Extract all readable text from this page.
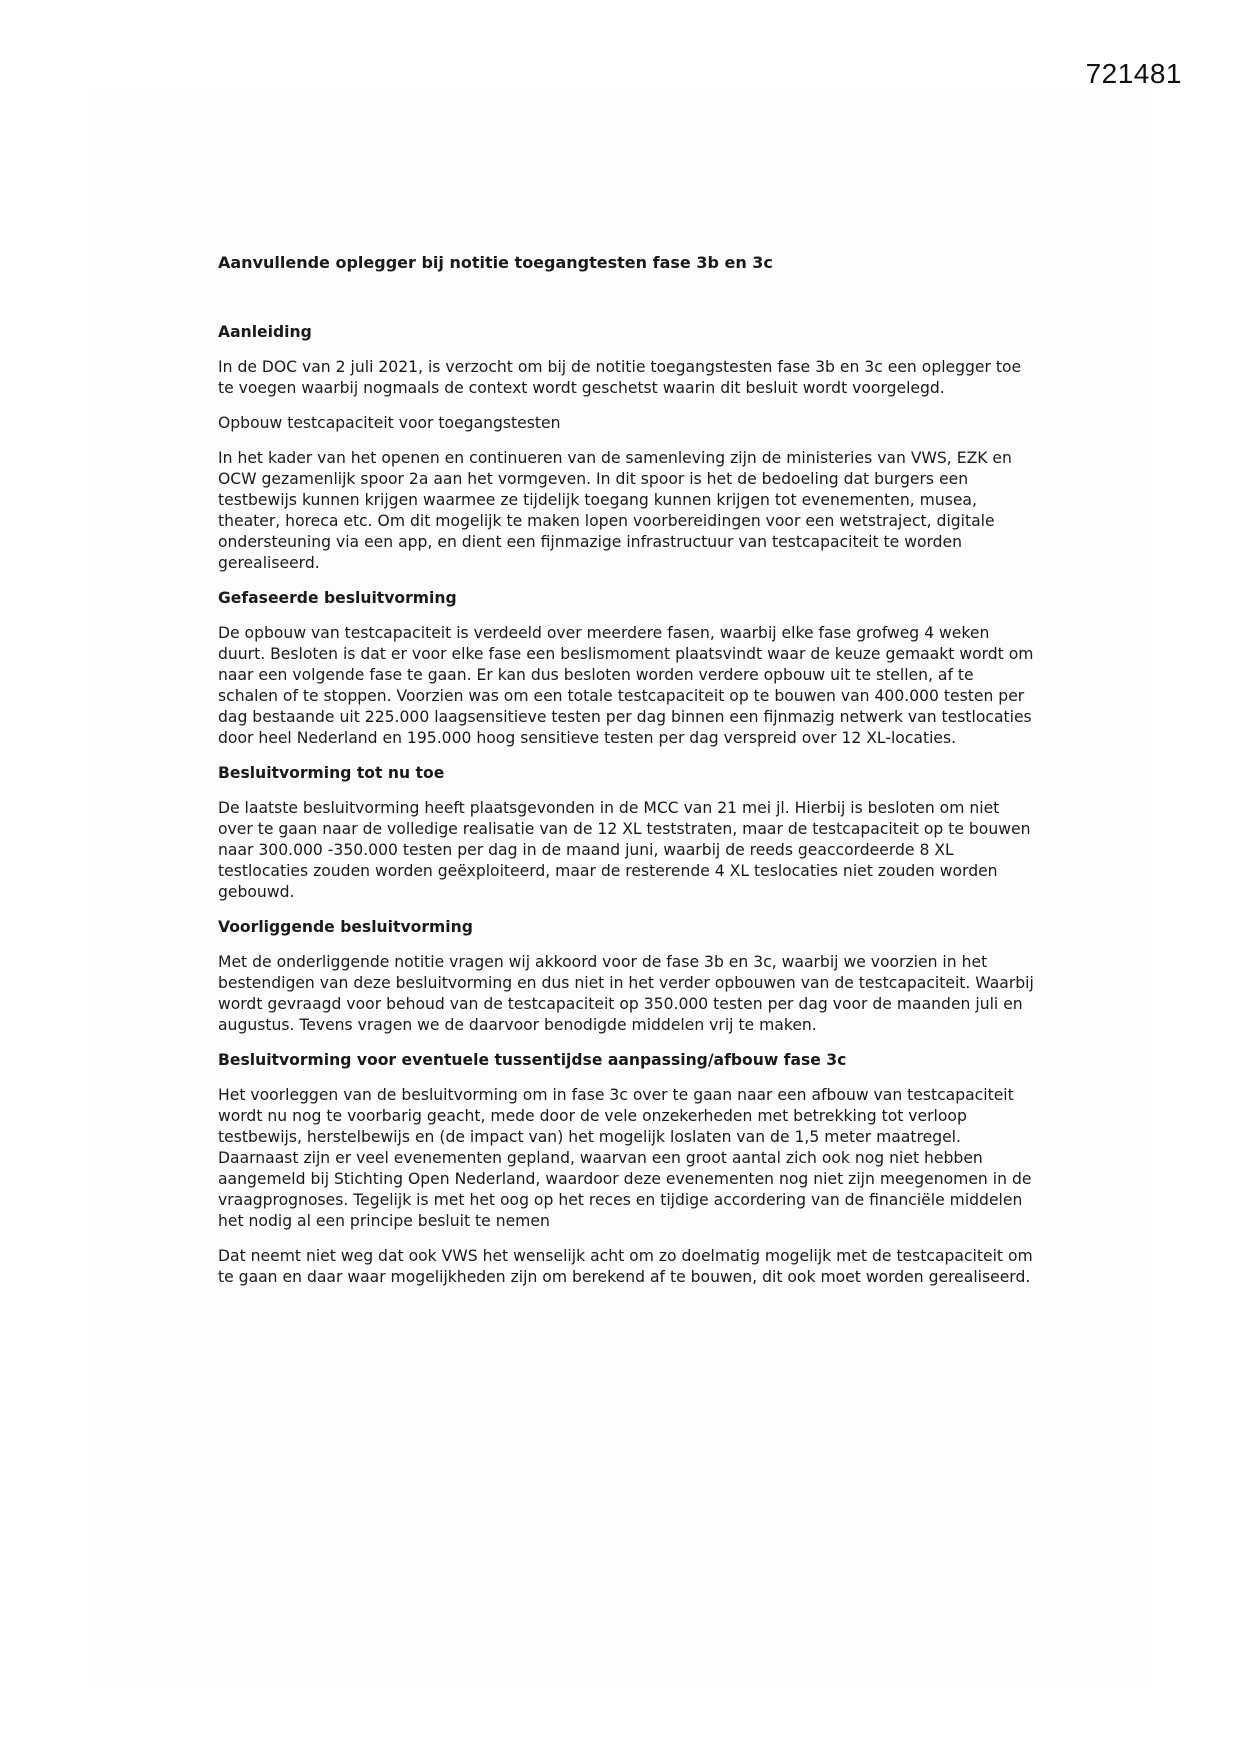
721481

Aanvullende oplegger bij notitie toegangtesten fase 3b en 3c

Aanleiding

In de DOC van 2 juli 2021, is verzocht om bij de notitie toegangstesten fase 3b en 3c een oplegger toe te voegen waarbij nogmaals de context wordt geschetst waarin dit besluit wordt voorgelegd.

Opbouw testcapaciteit voor toegangstesten

In het kader van het openen en continueren van de samenleving zijn de ministeries van VWS, EZK en OCW gezamenlijk spoor 2a aan het vormgeven. In dit spoor is het de bedoeling dat burgers een testbewijs kunnen krijgen waarmee ze tijdelijk toegang kunnen krijgen tot evenementen, musea, theater, horeca etc. Om dit mogelijk te maken lopen voorbereidingen voor een wetstraject, digitale ondersteuning via een app, en dient een fijnmazige infrastructuur van testcapaciteit te worden gerealiseerd.

Gefaseerde besluitvorming

De opbouw van testcapaciteit is verdeeld over meerdere fasen, waarbij elke fase grofweg 4 weken duurt. Besloten is dat er voor elke fase een beslismoment plaatsvindt waar de keuze gemaakt wordt om naar een volgende fase te gaan. Er kan dus besloten worden verdere opbouw uit te stellen, af te schalen of te stoppen. Voorzien was om een totale testcapaciteit op te bouwen van 400.000 testen per dag bestaande uit 225.000 laagsensitieve testen per dag binnen een fijnmazig netwerk van testlocaties door heel Nederland en 195.000 hoog sensitieve testen per dag verspreid over 12 XL-locaties.

Besluitvorming tot nu toe

De laatste besluitvorming heeft plaatsgevonden in de MCC van 21 mei jl. Hierbij is besloten om niet over te gaan naar de volledige realisatie van de 12 XL teststraten, maar de testcapaciteit op te bouwen naar 300.000 -350.000 testen per dag in de maand juni, waarbij de reeds geaccordeerde 8 XL testlocaties zouden worden geëxploiteerd, maar de resterende 4 XL teslocaties niet zouden worden gebouwd.

Voorliggende besluitvorming

Met de onderliggende notitie vragen wij akkoord voor de fase 3b en 3c, waarbij we voorzien in het bestendigen van deze besluitvorming en dus niet in het verder opbouwen van de testcapaciteit. Waarbij wordt gevraagd voor behoud van de testcapaciteit op 350.000 testen per dag voor de maanden juli en augustus. Tevens vragen we de daarvoor benodigde middelen vrij te maken.

Besluitvorming voor eventuele tussentijdse aanpassing/afbouw fase 3c

Het voorleggen van de besluitvorming om in fase 3c over te gaan naar een afbouw van testcapaciteit wordt nu nog te voorbarig geacht, mede door de vele onzekerheden met betrekking tot verloop testbewijs, herstelbewijs en (de impact van) het mogelijk loslaten van de 1,5 meter maatregel. Daarnaast zijn er veel evenementen gepland, waarvan een groot aantal zich ook nog niet hebben aangemeld bij Stichting Open Nederland, waardoor deze evenementen nog niet zijn meegenomen in de vraagprognoses. Tegelijk is met het oog op het reces en tijdige accordering van de financiële middelen het nodig al een principe besluit te nemen

Dat neemt niet weg dat ook VWS het wenselijk acht om zo doelmatig mogelijk met de testcapaciteit om te gaan en daar waar mogelijkheden zijn om berekend af te bouwen, dit ook moet worden gerealiseerd.
